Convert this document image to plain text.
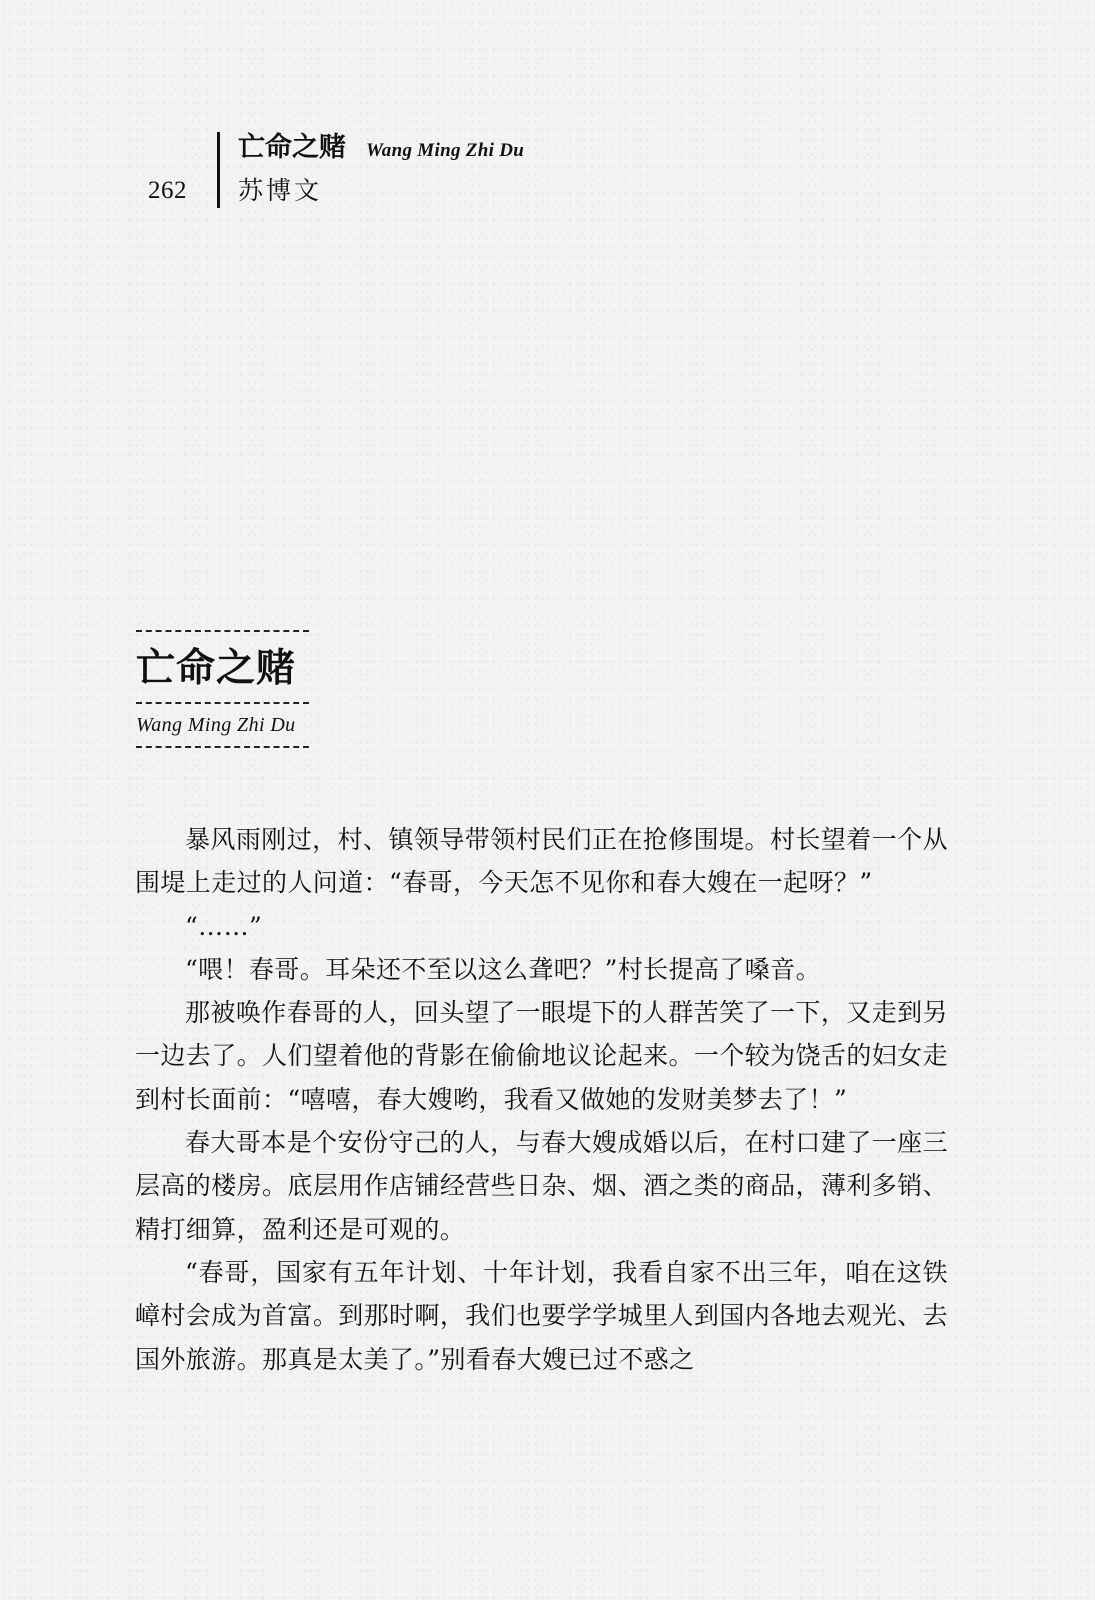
262
亡命之赌 Wang Ming Zhi Du
苏博文
亡命之赌
Wang Ming Zhi Du

暴风雨刚过，村、镇领导带领村民们正在抢修围堤。村长望着一个从围堤上走过的人问道：“春哥，今天怎不见你和春大嫂在一起呀？”

“……”

“喂！春哥。耳朵还不至以这么聋吧？”村长提高了嗓音。

那被唤作春哥的人，回头望了一眼堤下的人群苦笑了一下，又走到另一边去了。人们望着他的背影在偷偷地议论起来。一个较为饶舌的妇女走到村长面前：“嘻嘻，春大嫂哟，我看又做她的发财美梦去了！”

春大哥本是个安份守己的人，与春大嫂成婚以后，在村口建了一座三层高的楼房。底层用作店铺经营些日杂、烟、酒之类的商品，薄利多销、精打细算，盈利还是可观的。

“春哥，国家有五年计划、十年计划，我看自家不出三年，咱在这铁嶂村会成为首富。到那时啊，我们也要学学城里人到国内各地去观光、去国外旅游。那真是太美了。”别看春大嫂已过不惑之
